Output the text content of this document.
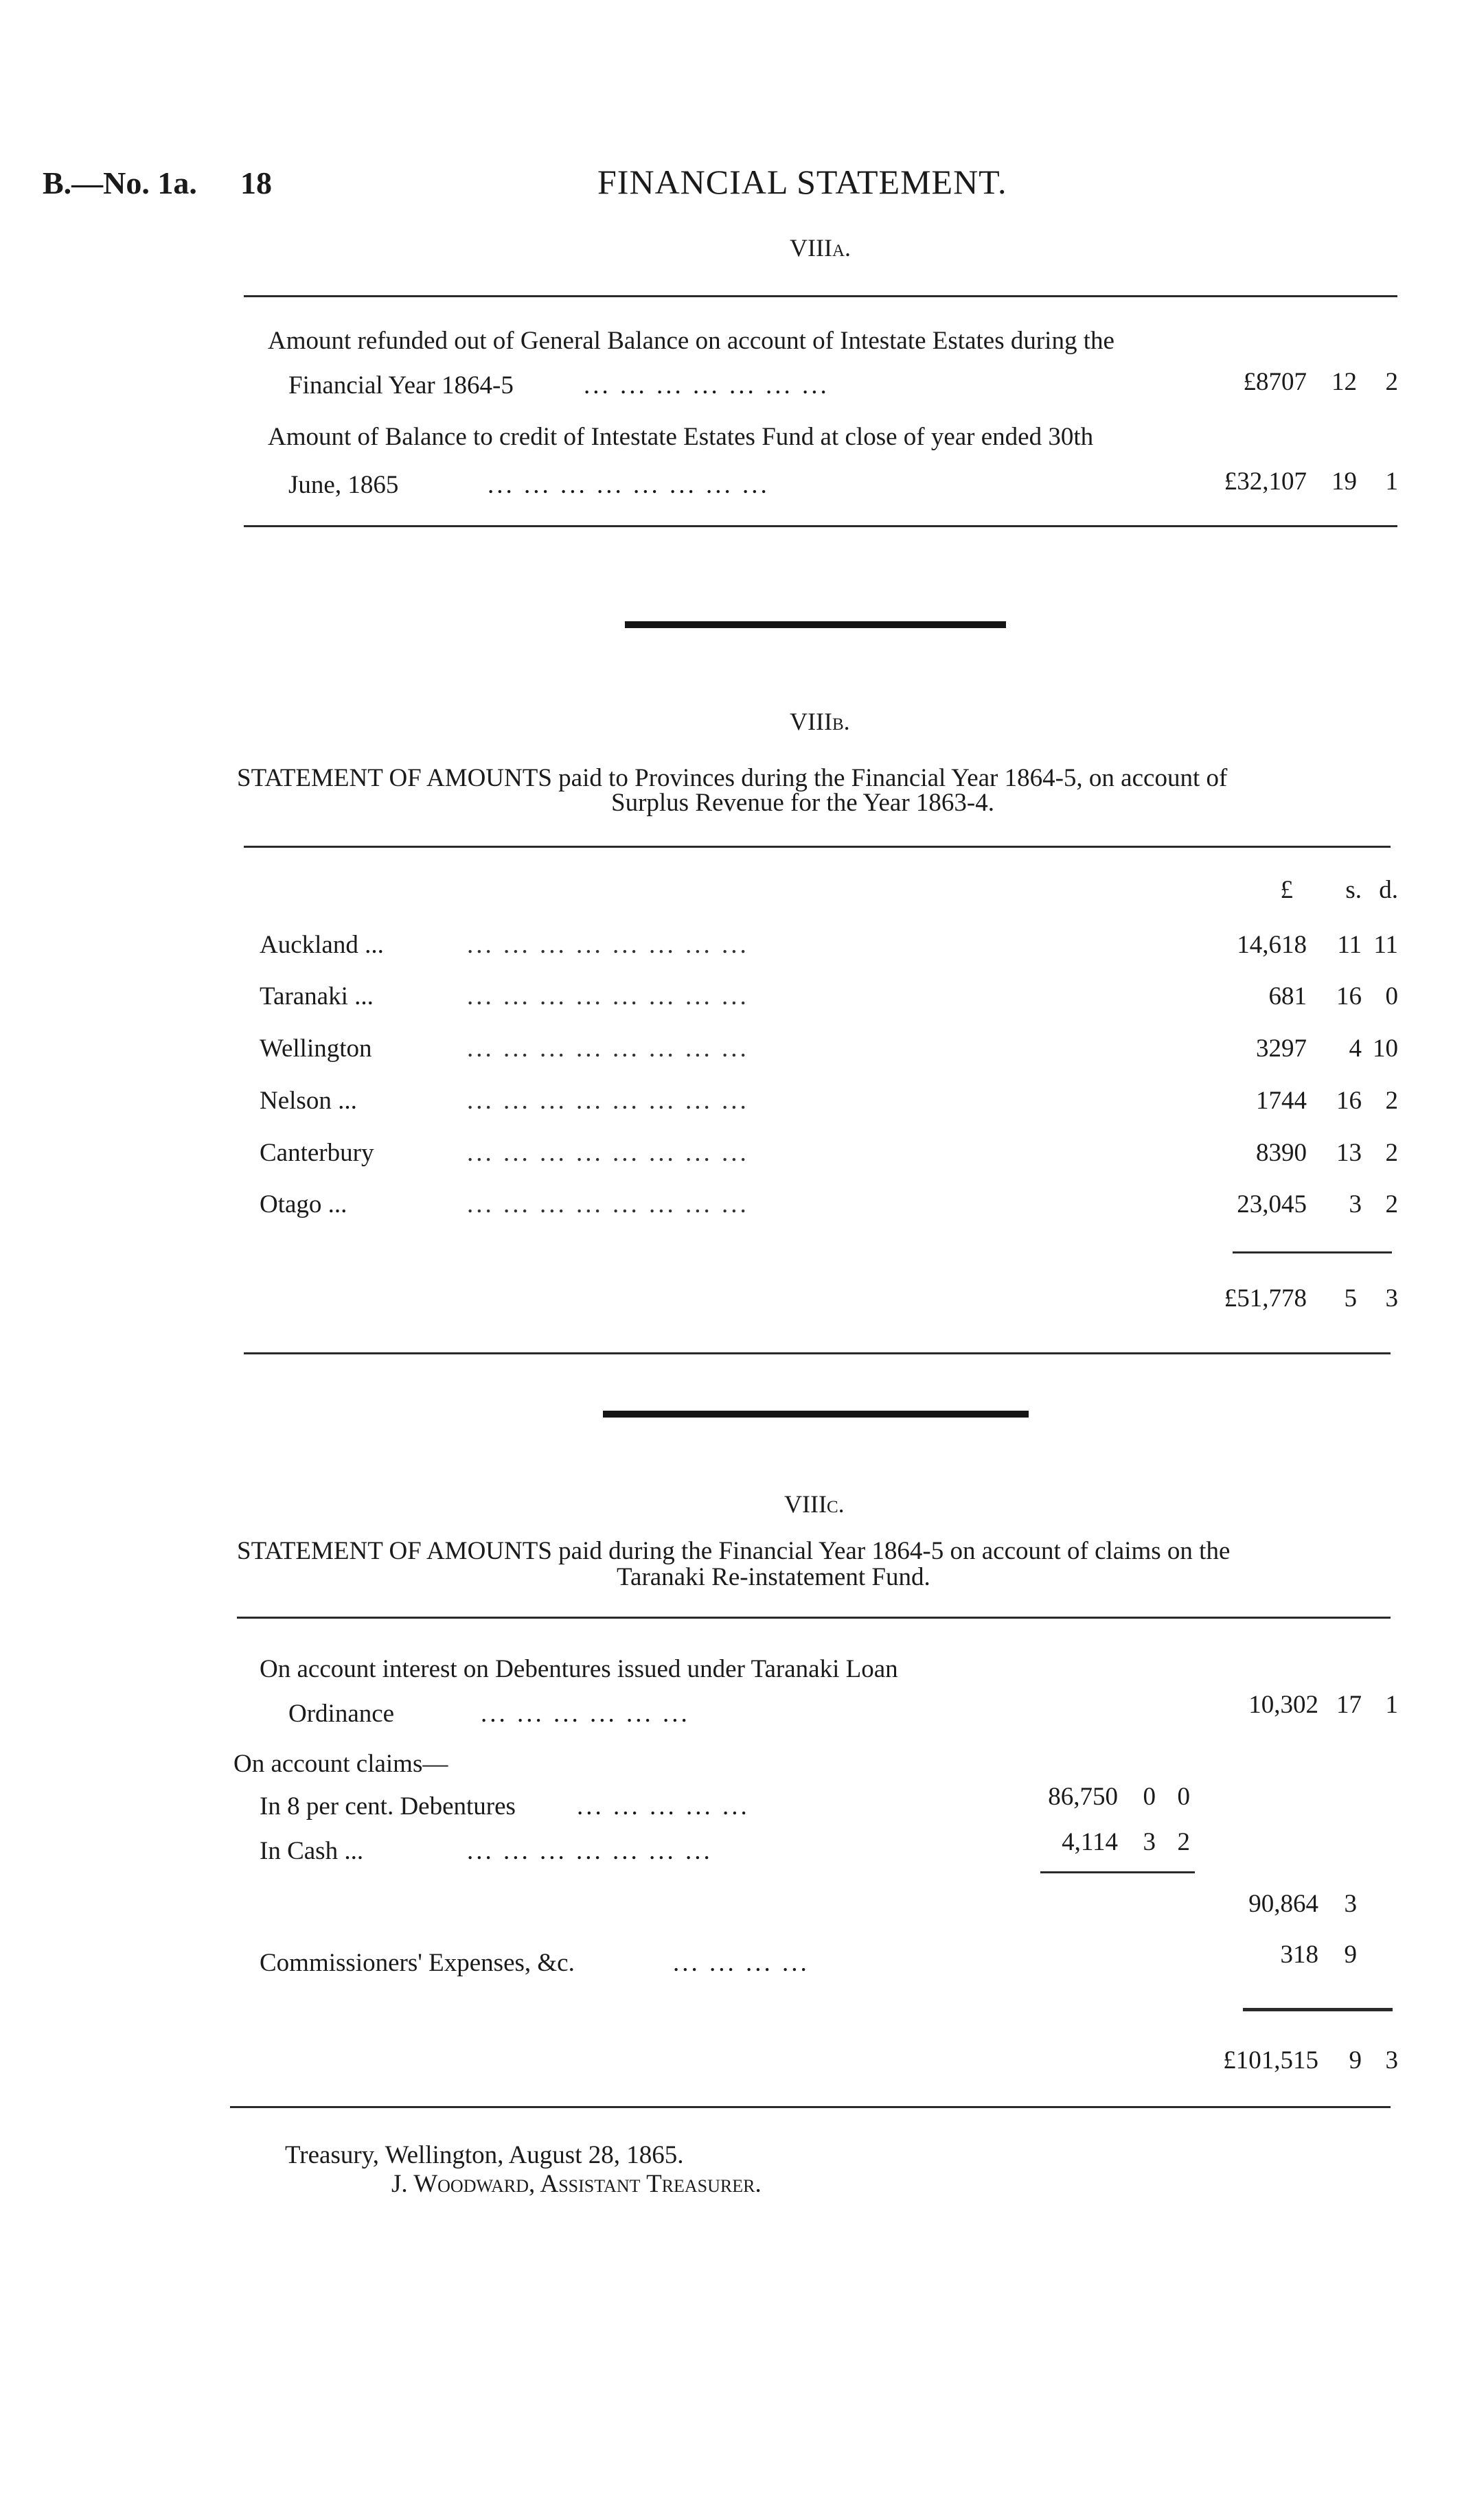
B.—No. 1a. 18	FINANCIAL STATEMENT.
VIIIa.
Amount refunded out of General Balance on account of Intestate Estates during the
Financial Year 1864-5	... ... ... ... ... ... ...	£8707 12 2
Amount of Balance to credit of Intestate Estates Fund at close of year ended 30th
June, 1865	... ... ... ... ... ... ... ...	£32,107 19 1
VIIIb.
STATEMENT OF AMOUNTS paid to Provinces during the Financial Year 1864-5, on account of
Surplus Revenue for the Year 1863-4.
£ s. d.
Auckland ...	... ... ... ... ... ... ... ...	14,618 11 11
Taranaki ...	... ... ... ... ... ... ... ...	681 16 0
Wellington	... ... ... ... ... ... ... ...	3297 4 10
Nelson ...	... ... ... ... ... ... ... ...	1744 16 2
Canterbury	... ... ... ... ... ... ... ...	8390 13 2
Otago ...	... ... ... ... ... ... ... ...	23,045 3 2
£51,778 5 3
VIIIc.
STATEMENT OF AMOUNTS paid during the Financial Year 1864-5 on account of claims on the
Taranaki Re-instatement Fund.
On account interest on Debentures issued under Taranaki Loan
Ordinance	... ... ... ... ... ...	10,302 17 1
On account claims—
In 8 per cent. Debentures ... ... ... ... ...	86,750 0 0
In Cash ...	... ... ... ... ... ... ...	4,114 3 2
90,864 3
Commissioners' Expenses, &c.	... ... ... ...	318 9
£101,515 9 3
Treasury, Wellington, August 28, 1865.
J. Woodward, Assistant Treasurer.
